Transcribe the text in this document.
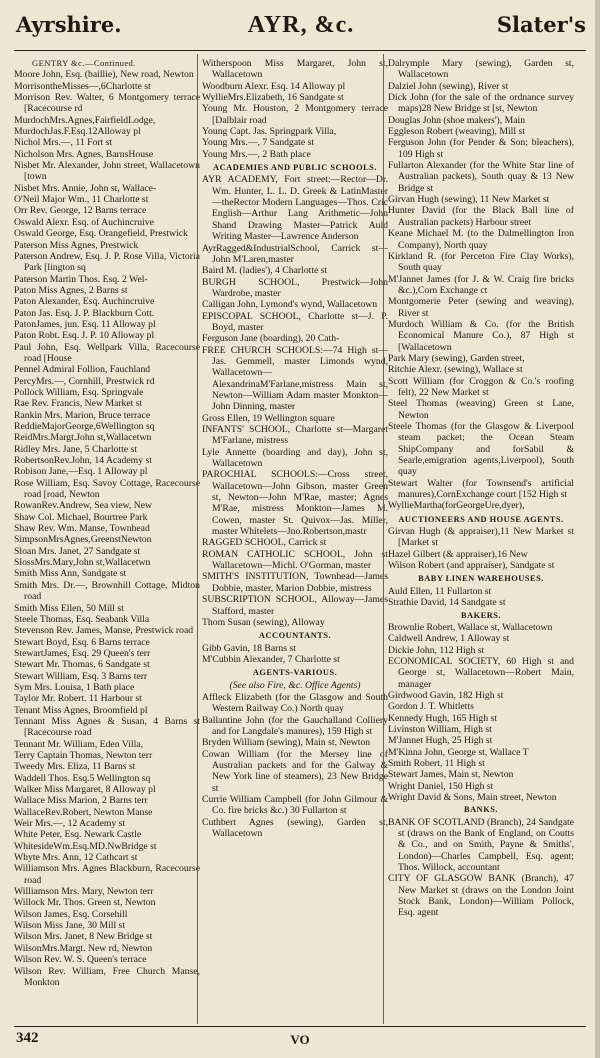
Ayrshire.	AYR, &c.	Slater's
GENTRY &c.—Continued.
Moore John, Esq. (baillie), New road, Newton
MorrisontheMisses—,6Charlotte st
Morrison Rev. Walter, 6 Montgomery terrace [Racecourse rd
MurdochMrs.Agnes,FairfieldLodge,
MurdochJas.F.Esq.12Alloway pl
Nichol Mrs.—, 11 Fort st
Nicholson Mrs. Agnes, BarnsHouse
Nisbet Mr. Alexander, John street, Wallacetown [town
Nisbet Mrs. Annie, John st, Wallace-
O'Neil Major Wm., 11 Charlotte st
Orr Rev. George, 12 Barns terrace
Oswald Alexr. Esq. of Auchincruive
Oswald George, Esq. Orangefield, Prestwick
Paterson Miss Agnes, Prestwick
Paterson Andrew, Esq. J. P. Rose Villa, Victoria Park [lington sq
Paterson Martin Thos. Esq. 2 Wel-
Paton Miss Agnes, 2 Barns st
Paton Alexander, Esq. Auchincruive
Paton Jas. Esq. J. P. Blackburn Cott.
PatonJames, jun. Esq. 11 Alloway pl
Paton Robt. Esq. J. P. 10 Alloway pl
Paul John, Esq. Wellpark Villa, Racecourse road [House
Pennel Admiral Follion, Fauchland
PercyMrs.—, Cornhill, Prestwick rd
Pollock William, Esq. Springvale
Rae Rev. Francis, New Market st
Rankin Mrs. Marion, Bruce terrace
ReddieMajorGeorge,6Wellington sq
ReidMrs.Margt.John st,Wallacetwn
Ridley Mrs. Jane, 5 Charlotte st
RobertsonRev.John, 14 Academy st
Robison Jane,—Esq. 1 Alloway pl
Rose William, Esq. Savoy Cottage, Racecourse road [road, Newton
RowanRev.Andrew, Sea view, New
Shaw Col. Michael, Bourtree Park
Shaw Rev. Wm. Manse, Townhead
SimpsonMrsAgnes,GreenstNewton
Sloan Mrs. Janet, 27 Sandgate st
SlossMrs.Mary,John st,Wallacetwn
Smith Miss Ann, Sandgate st
Smith Mrs. Dr.—, Brownhill Cottage, Midton road
Smith Miss Ellen, 50 Mill st
Steele Thomas, Esq. Seabank Villa
Stevenson Rev. James, Manse, Prestwick road
Stewart Boyd, Esq. 6 Barns terrace
StewartJames, Esq. 29 Queen's terr
Stewart Mr. Thomas, 6 Sandgate st
Stewart William, Esq. 3 Barns terr
Sym Mrs. Louisa, 1 Bath place
Taylor Mr. Robert. 11 Harbour st
Tenant Miss Agnes, Broomfield pl
Tennant Miss Agnes & Susan, 4 Barns st [Racecourse road
Tennant Mr. William, Eden Villa,
Terry Captain Thomas, Newton terr
Tweedy Mrs. Eliza, 11 Barns st
Waddell Thos. Esq.5 Wellington sq
Walker Miss Margaret, 8 Alloway pl
Wallace Miss Marion, 2 Barns terr
WallaceRev.Robert, Newton Manse
Weir Mrs.—, 12 Academy st
White Peter, Esq. Newark Castle
WhitesideWm.Esq.MD.NwBridge st
Whyte Mrs. Ann, 12 Cathcart st
Williamson Mrs. Agnes Blackburn, Racecourse road
Williamson Mrs. Mary, Newton terr
Willock Mr. Thos. Green st, Newton
Wilson James, Esq. Corsehill
Wilson Miss Jane, 30 Mill st
Wilson Mrs. Janet, 8 New Bridge st
WilsonMrs.Margt. New rd, Newton
Wilson Rev. W. S. Queen's terrace
Wilson Rev. William, Free Church Manse, Monkton
Witherspoon Miss Margaret, John st, Wallacetown
Woodburn Alexr. Esq. 14 Alloway pl
WyllieMrs.Elizabeth, 16 Sandgate st
Young Mr. Houston, 2 Montgomery terrace [Dalblair road
Young Capt. Jas. Springpark Villa,
Young Mrs.—, 7 Sandgate st
Young Mrs.—, 2 Bath place
ACADEMIES AND PUBLIC SCHOOLS.
AYR ACADEMY, Fort street:—Rector—Dr. Wm. Hunter, L. L. D. Greek & LatinMaster—theRector Modern Languages—Thos. Cric English—Arthur Lang Arithmetic—John Shand Drawing Master—Patrick Auld Writing Master—Lawrence Anderson
AyrRagged&IndustrialSchool, Carrick st—John M'Laren,master
Baird M. (ladies'), 4 Charlotte st
BURGH SCHOOL, Prestwick—John Wardrobe, master
Calligan John, Lymond's wynd, Wallacetown
EPISCOPAL SCHOOL, Charlotte st—J. P. Boyd, master
Ferguson Jane (boarding), 20 Cath-
FREE CHURCH SCHOOLS:—74 High st—Jas. Gemmell, master Limonds wynd, Wallacetown—AlexandrinaM'Farlane,mistress Main st, Newton—William Adam master Monkton—John Dinning, master
Gross Ellen, 19 Wellington square
INFANTS' SCHOOL, Charlotte st—Margaret M'Farlane, mistress
Lyle Annette (boarding and day), John st, Wallacetown
PAROCHIAL SCHOOLS:—Cross street, Wallacetown—John Gibson, master Green st, Newton—John M'Rae, master; Agnes M'Rae, mistress Monkton—James M. Cowen, master St. Quivox—Jas. Miller, master Whitelets—Jno.Robertson,mastr
RAGGED SCHOOL, Carrick st
ROMAN CATHOLIC SCHOOL, John st Wallacetown—Michl. O'Gorman, master
SMITH'S INSTITUTION, Townhead—James Dobbie, master, Marion Dobbie, mistress
SUBSCRIPTION SCHOOL, Alloway—James Stafford, master
Thom Susan (sewing), Alloway
ACCOUNTANTS.
Gibb Gavin, 18 Barns st
M'Cubbin Alexander, 7 Charlotte st
AGENTS-VARIOUS.
(See also Fire, &c. Office Agents)
Affleck Elizabeth (for the Glasgow and South Western Railway Co.) North quay
Ballantine John (for the Gauchalland Colliery and for Langdale's manures), 159 High st
Bryden William (sewing), Main st, Newton
Cowan William (for the Mersey line of Australian packets and for the Galway & New York line of steamers), 23 New Bridge st
Currie William Campbell (for John Gilmour & Co. fire bricks &c.) 30 Fullarton st
Cuthbert Agnes (sewing), Garden st, Wallacetown
Dalrymple Mary (sewing), Garden st, Wallacetown
Dalziel John (sewing), River st
Dick John (for the sale of the ordnance survey maps)28 New Bridge st [st, Newton
Douglas John (shoe makers'), Main
Eggleson Robert (weaving), Mill st
Ferguson John (for Pender & Son; bleachers), 109 High st
Fullarton Alexander (for the White Star line of Australian packets), South quay & 13 New Bridge st
Girvan Hugh (sewing), 11 New Market st
Hunter David (for the Black Ball line of Australian packets) Harbour street
Keane Michael M. (to the Dalmellington Iron Company), North quay
Kirkland R. (for Perceton Fire Clay Works), South quay
M'Jannet James (for J. & W. Craig fire bricks &c.),Corn Exchange ct
Montgomerie Peter (sewing and weaving), River st
Murdoch William & Co. (for the British Economical Manure Co.), 87 High st [Wallacetown
Park Mary (sewing), Garden street,
Ritchie Alexr. (sewing), Wallace st
Scott William (for Croggon & Co.'s roofing felt), 22 New Market st
Steel Thomas (weaving) Green st Lane, Newton
Steele Thomas (for the Glasgow & Liverpool steam packet; the Ocean Steam ShipCompany and forSabil & Searle,emigration agents,Liverpool), South quay
Stewart Walter (for Townsend's artificial manures),CornExchange court [152 High st
WyllieMartha(forGeorgeUre,dyer),
AUCTIONEERS AND HOUSE AGENTS.
Girvan Hugh (& appraiser),11 New Market st [Market st
Hazel Gilbert (& appraiser),16 New
Wilson Robert (and appraiser), Sandgate st
BABY LINEN WAREHOUSES.
Auld Ellen, 11 Fullarton st
Strathie David, 14 Sandgate st
BAKERS.
Brownlie Robert, Wallace st, Wallacetown
Caldwell Andrew, 1 Alloway st
Dickie John, 112 High st
ECONOMICAL SOCIETY, 60 High st and George st, Wallacetown—Robert Main, manager
Girdwood Gavin, 182 High st
Gordon J. T. Whitletts
Kennedy Hugh, 165 High st
Livinston William, High st
M'Jannet Hugh, 25 High st
M'Kinna John, George st, Wallace T
Smith Robert, 11 High st
Stewart James, Main st, Newton
Wright Daniel, 150 High st
Wright David & Sons, Main street, Newton
BANKS.
BANK OF SCOTLAND (Branch), 24 Sandgate st (draws on the Bank of England, on Coutts & Co., and on Smith, Payne & Smiths', London)—Charles Campbell, Esq. agent; Thos. Willock, accountant
CITY OF GLASGOW BANK (Branch), 47 New Market st (draws on the London Joint Stock Bank, London)—William Pollock, Esq. agent
342	VO
